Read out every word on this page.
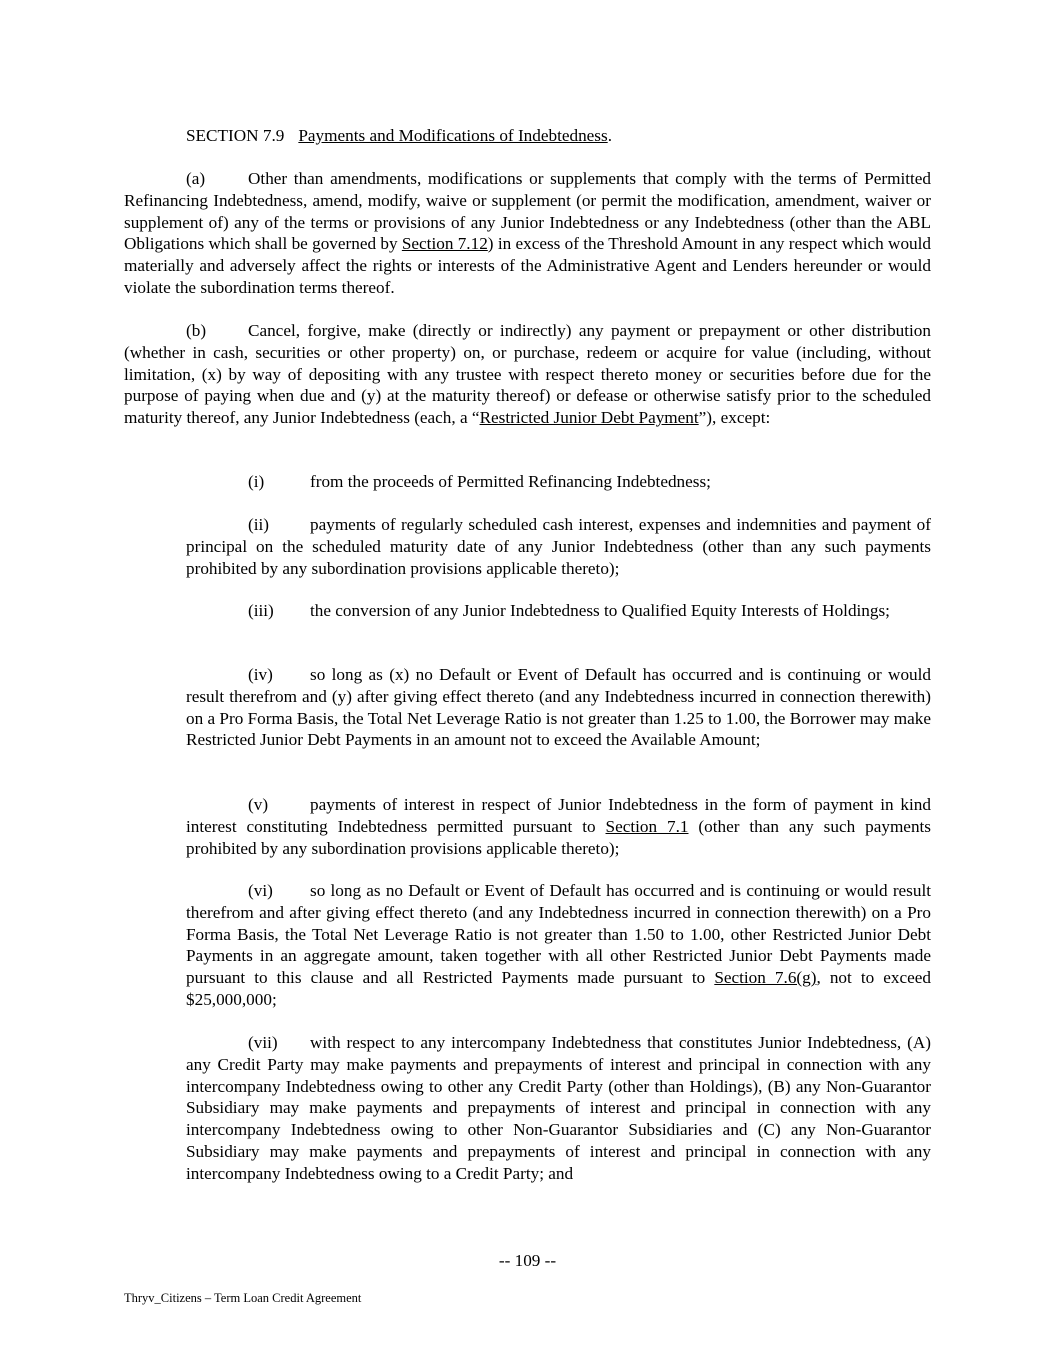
SECTION 7.9 Payments and Modifications of Indebtedness.
(a) Other than amendments, modifications or supplements that comply with the terms of Permitted Refinancing Indebtedness, amend, modify, waive or supplement (or permit the modification, amendment, waiver or supplement of) any of the terms or provisions of any Junior Indebtedness or any Indebtedness (other than the ABL Obligations which shall be governed by Section 7.12) in excess of the Threshold Amount in any respect which would materially and adversely affect the rights or interests of the Administrative Agent and Lenders hereunder or would violate the subordination terms thereof.
(b) Cancel, forgive, make (directly or indirectly) any payment or prepayment or other distribution (whether in cash, securities or other property) on, or purchase, redeem or acquire for value (including, without limitation, (x) by way of depositing with any trustee with respect thereto money or securities before due for the purpose of paying when due and (y) at the maturity thereof) or defease or otherwise satisfy prior to the scheduled maturity thereof, any Junior Indebtedness (each, a “Restricted Junior Debt Payment”), except:
(i)	from the proceeds of Permitted Refinancing Indebtedness;
(ii) payments of regularly scheduled cash interest, expenses and indemnities and payment of principal on the scheduled maturity date of any Junior Indebtedness (other than any such payments prohibited by any subordination provisions applicable thereto);
(iii) the conversion of any Junior Indebtedness to Qualified Equity Interests of Holdings;
(iv) so long as (x) no Default or Event of Default has occurred and is continuing or would result therefrom and (y) after giving effect thereto (and any Indebtedness incurred in connection therewith) on a Pro Forma Basis, the Total Net Leverage Ratio is not greater than 1.25 to 1.00, the Borrower may make Restricted Junior Debt Payments in an amount not to exceed the Available Amount;
(v) payments of interest in respect of Junior Indebtedness in the form of payment in kind interest constituting Indebtedness permitted pursuant to Section 7.1 (other than any such payments prohibited by any subordination provisions applicable thereto);
(vi) so long as no Default or Event of Default has occurred and is continuing or would result therefrom and after giving effect thereto (and any Indebtedness incurred in connection therewith) on a Pro Forma Basis, the Total Net Leverage Ratio is not greater than 1.50 to 1.00, other Restricted Junior Debt Payments in an aggregate amount, taken together with all other Restricted Junior Debt Payments made pursuant to this clause and all Restricted Payments made pursuant to Section 7.6(g), not to exceed $25,000,000;
(vii) with respect to any intercompany Indebtedness that constitutes Junior Indebtedness, (A) any Credit Party may make payments and prepayments of interest and principal in connection with any intercompany Indebtedness owing to other any Credit Party (other than Holdings), (B) any Non-Guarantor Subsidiary may make payments and prepayments of interest and principal in connection with any intercompany Indebtedness owing to other Non-Guarantor Subsidiaries and (C) any Non-Guarantor Subsidiary may make payments and prepayments of interest and principal in connection with any intercompany Indebtedness owing to a Credit Party; and
-- 109 --
Thryv_Citizens – Term Loan Credit Agreement
